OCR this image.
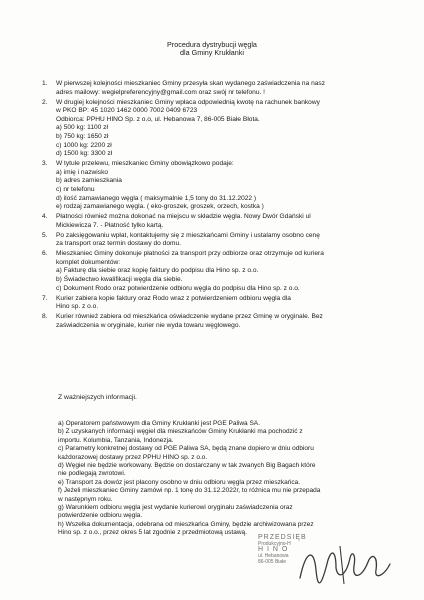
Procedura dystrybucji węgla
dla Gminy Krukłanki
1. W pierwszej kolejności mieszkaniec Gminy przesyła skan wydanego zaświadczenia na nasz
adres mailowy: wegielpreferencyjny@gmail.com oraz swój nr telefonu. !
2. W drugiej kolejności mieszkaniec Gminy wpłaca odpowiednią kwotę na rachunek bankowy
w PKO BP: 45 1020 1462 0000 7002 0409 6723
Odbiorca: PPHU HINO Sp. z o.o, ul. Hebanowa 7, 86-005 Białe Błota.
a) 500 kg: 1100 zł
b) 750 kg: 1650 zł
c) 1000 kg: 2200 zł
d) 1500 kg: 3300 zł
3. W tytule przelewu, mieszkaniec Gminy obowiązkowo podaje:
a) imię i nazwisko
b) adres zamieszkania
c) nr telefonu
d) ilość zamawianego węgla ( maksymalnie 1,5 tony do 31.12.2022 )
e) rodzaj zamawianego węgla. ( eko-groszek, groszek, orzech, kostka )
4. Płatności również można dokonać na miejscu w składzie węgla. Nowy Dwór Gdański ul
Mickiewicza 7. - Płatność tylko kartą.
5. Po zaksięgowaniu wpłat, kontaktujemy się z mieszkańcami Gminy i ustalamy osobno cenę
za transport oraz termin dostawy do domu.
6. Mieszkaniec Gminy dokonuje płatności za transport przy odbiorze oraz otrzymuje od kuriera
komplet dokumentów:
a) Fakturę dla siebie oraz kopię faktury do podpisu dla Hino sp. z o.o.
b) Świadectwo kwalifikacji węgla dla siebie.
c) Dokument Rodo oraz potwierdzenie odbioru węgla do podpisu dla Hino sp. z o.o.
7. Kurier zabiera kopie faktury oraz Rodo wraz z potwierdzeniem odbioru węgla dla
Hino sp. z o.o.
8. Kurier również zabiera od mieszkańca oświadczenie wydane przez Gminę w oryginale. Bez
zaświadczenia w oryginale, kurier nie wyda towaru węglowego.
Z ważniejszych informacji.
a) Operatorem państwowym dla Gminy Krukłanki jest PGE Paliwa SA.
b) Z uzyskanych informacji węgiel dla mieszkańców Gminy Krukłanki ma pochodzić z
importu. Kolumbia, Tanzania, Indonezja.
c) Parametry konkretnej dostawy od PGE Paliwa SA, będą znane dopiero w dniu odbioru
każdorazowej dostawy przez PPHU HINO sp. z o.o.
d) Węgiel nie będzie workowany. Będzie on dostarczany w tak zwanych Big Bagach które
nie podlegają zwrotowi.
e) Transport za dowóz jest płacony osobno w dniu odbioru węgla przez mieszkańca.
f) Jeżeli mieszkaniec Gminy zamówi np. 1 tonę do 31.12.2022r, to różnica mu nie przepada
w następnym roku.
g) Warunkiem odbioru węgla jest wydanie kurierowi oryginału zaświadczenia oraz
potwierdzenie odbioru węgla.
h) Wszelka dokumentacja, odebrana od mieszkańca Gminy, będzie archiwizowana przez
Hino sp. z o.o., przez okres 5 lat zgodnie z przedmiotową ustawą.
PRZEDSIĘB
Produkcyjno-H
H I N O
ul. Hebanowa
86-005 Białe
